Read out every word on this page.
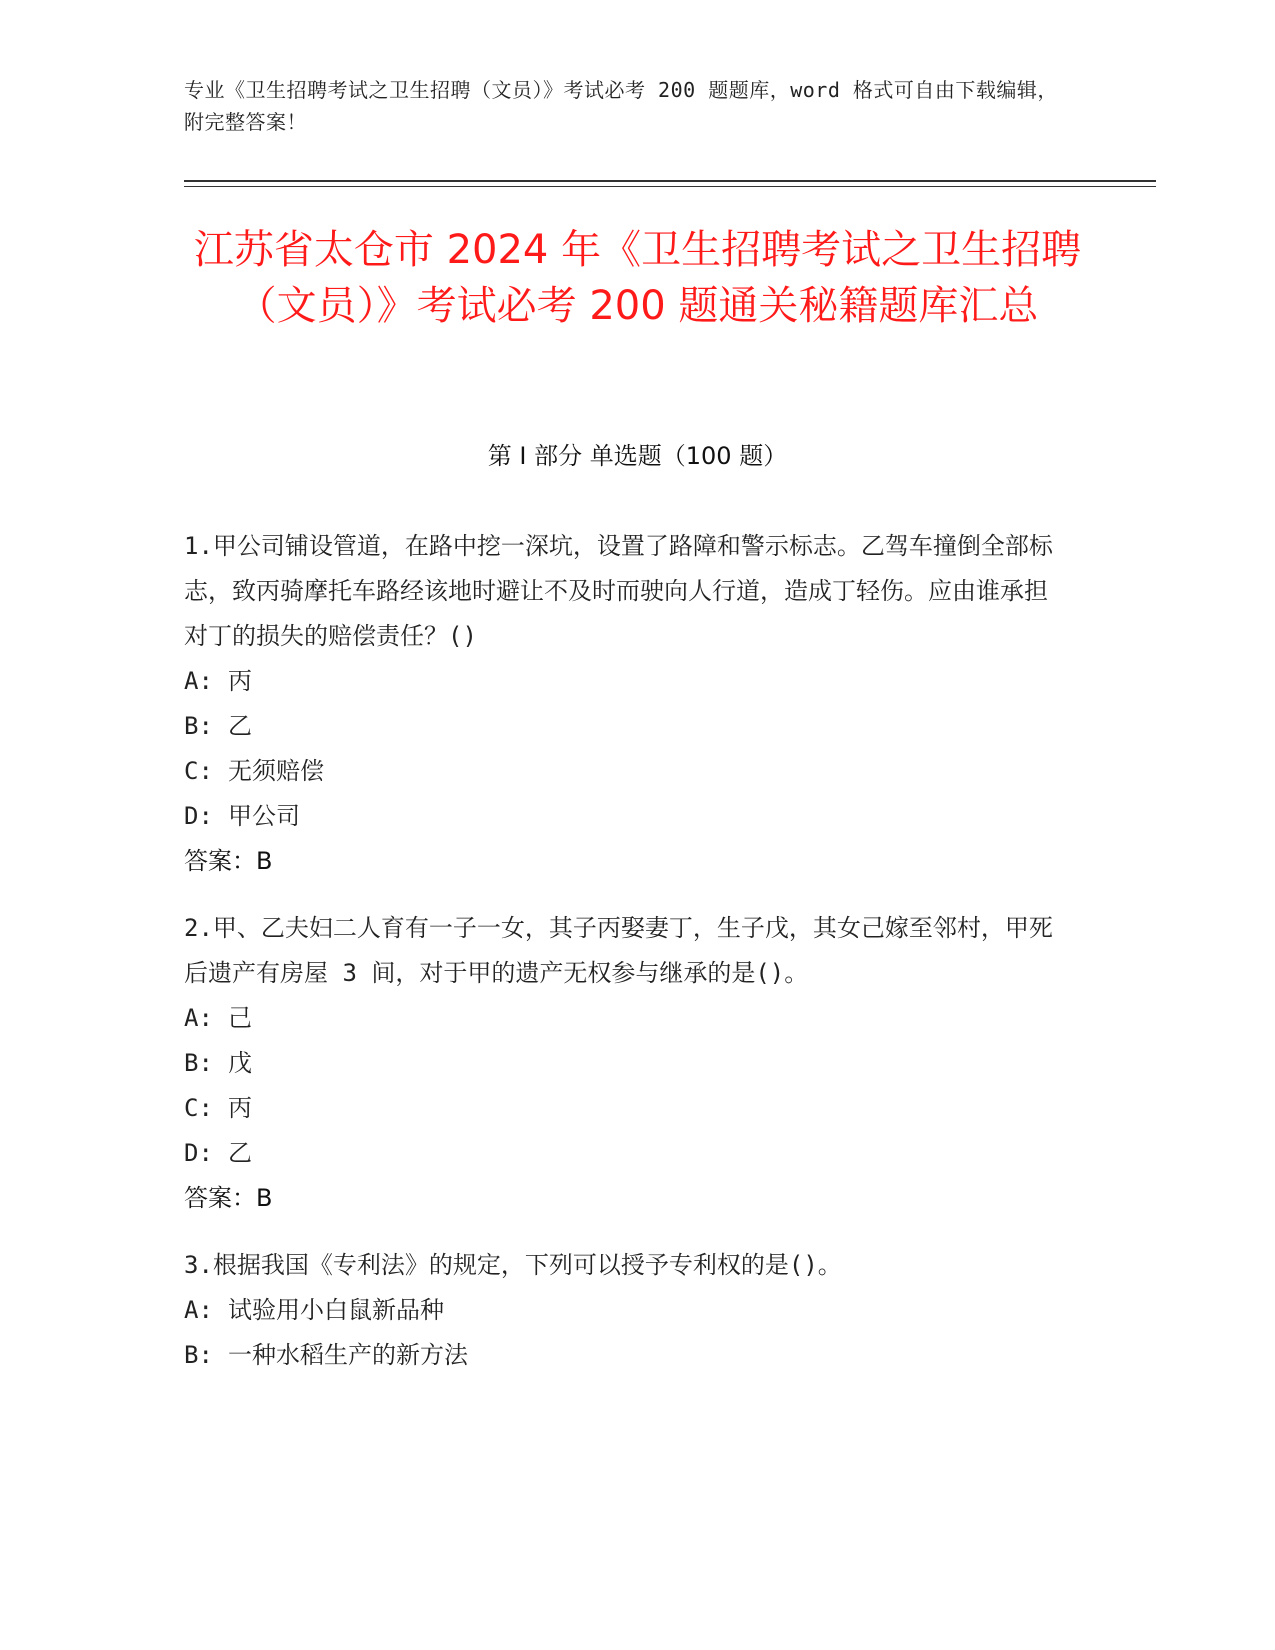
专业《卫生招聘考试之卫生招聘（文员）》考试必考 200 题题库，word 格式可自由下载编辑，附完整答案！
江苏省太仓市 2024 年《卫生招聘考试之卫生招聘（文员）》考试必考 200 题通关秘籍题库汇总
第 I 部分 单选题（100 题）
1.甲公司铺设管道，在路中挖一深坑，设置了路障和警示标志。乙驾车撞倒全部标志，致丙骑摩托车路经该地时避让不及时而驶向人行道，造成丁轻伤。应由谁承担对丁的损失的赔偿责任？()
A: 丙
B: 乙
C: 无须赔偿
D: 甲公司
答案：B
2.甲、乙夫妇二人育有一子一女，其子丙娶妻丁，生子戊，其女己嫁至邻村，甲死后遗产有房屋 3 间，对于甲的遗产无权参与继承的是()。
A: 己
B: 戊
C: 丙
D: 乙
答案：B
3.根据我国《专利法》的规定，下列可以授予专利权的是()。
A: 试验用小白鼠新品种
B: 一种水稻生产的新方法
